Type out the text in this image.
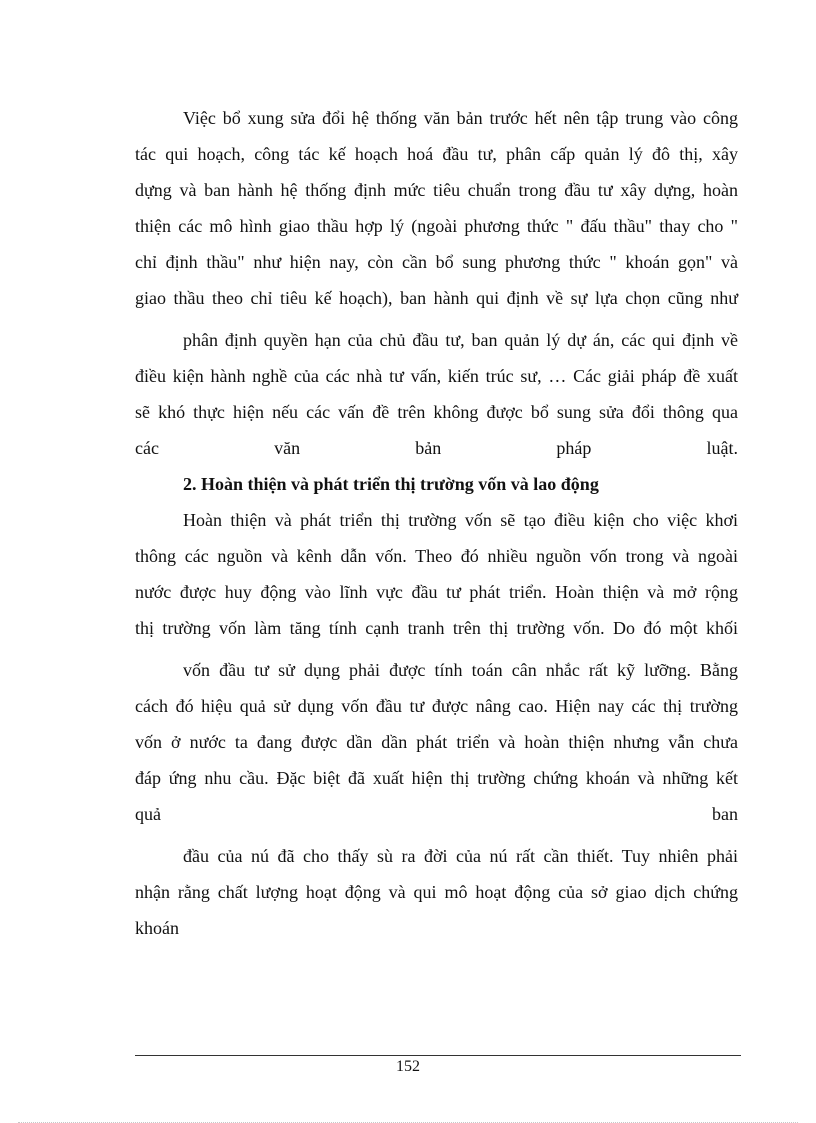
Việc bổ xung sửa đổi hệ thống văn bản trước hết nên tập trung vào công
tác qui hoạch, công tác kế hoạch hoá đầu tư, phân cấp quản lý đô thị, xây
dựng và ban hành hệ thống định mức tiêu chuẩn trong đầu tư xây dựng, hoàn
thiện các mô hình giao thầu hợp lý (ngoài phương thức " đấu thầu" thay cho "
chỉ định thầu" như hiện nay, còn cần bổ sung phương thức " khoán gọn" và
giao thầu theo chỉ tiêu kế hoạch), ban hành qui định về sự lựa chọn cũng như
phân định quyền hạn của chủ đầu tư, ban quản lý dự án, các qui định về
điều kiện hành nghề của các nhà tư vấn, kiến trúc sư, … Các giải pháp đề xuất
sẽ khó thực hiện nếu các vấn đề trên không được bổ sung sửa đổi thông qua
các văn bản pháp luật.
2. Hoàn thiện và phát triển thị trường vốn và lao động
Hoàn thiện và phát triển thị trường vốn sẽ tạo điều kiện cho việc khơi
thông các nguồn và kênh dẫn vốn. Theo đó nhiều nguồn vốn trong và ngoài
nước được huy động vào lĩnh vực đầu tư phát triển. Hoàn thiện và mở rộng
thị trường vốn làm tăng tính cạnh tranh trên thị trường vốn. Do đó một khối
vốn đầu tư sử dụng phải được tính toán cân nhắc rất kỹ lưỡng. Bằng
cách đó hiệu quả sử dụng vốn đầu tư được nâng cao. Hiện nay các thị trường
vốn ở nước ta đang được dần dần phát triển và hoàn thiện nhưng vẫn chưa
đáp ứng nhu cầu. Đặc biệt đã xuất hiện thị trường chứng khoán và những kết
quả ban
đầu của nú đã cho thấy sù ra đời của nú rất cần thiết. Tuy nhiên phải
nhận rằng chất lượng hoạt động và qui mô hoạt động của sở giao dịch chứng
khoán
152
